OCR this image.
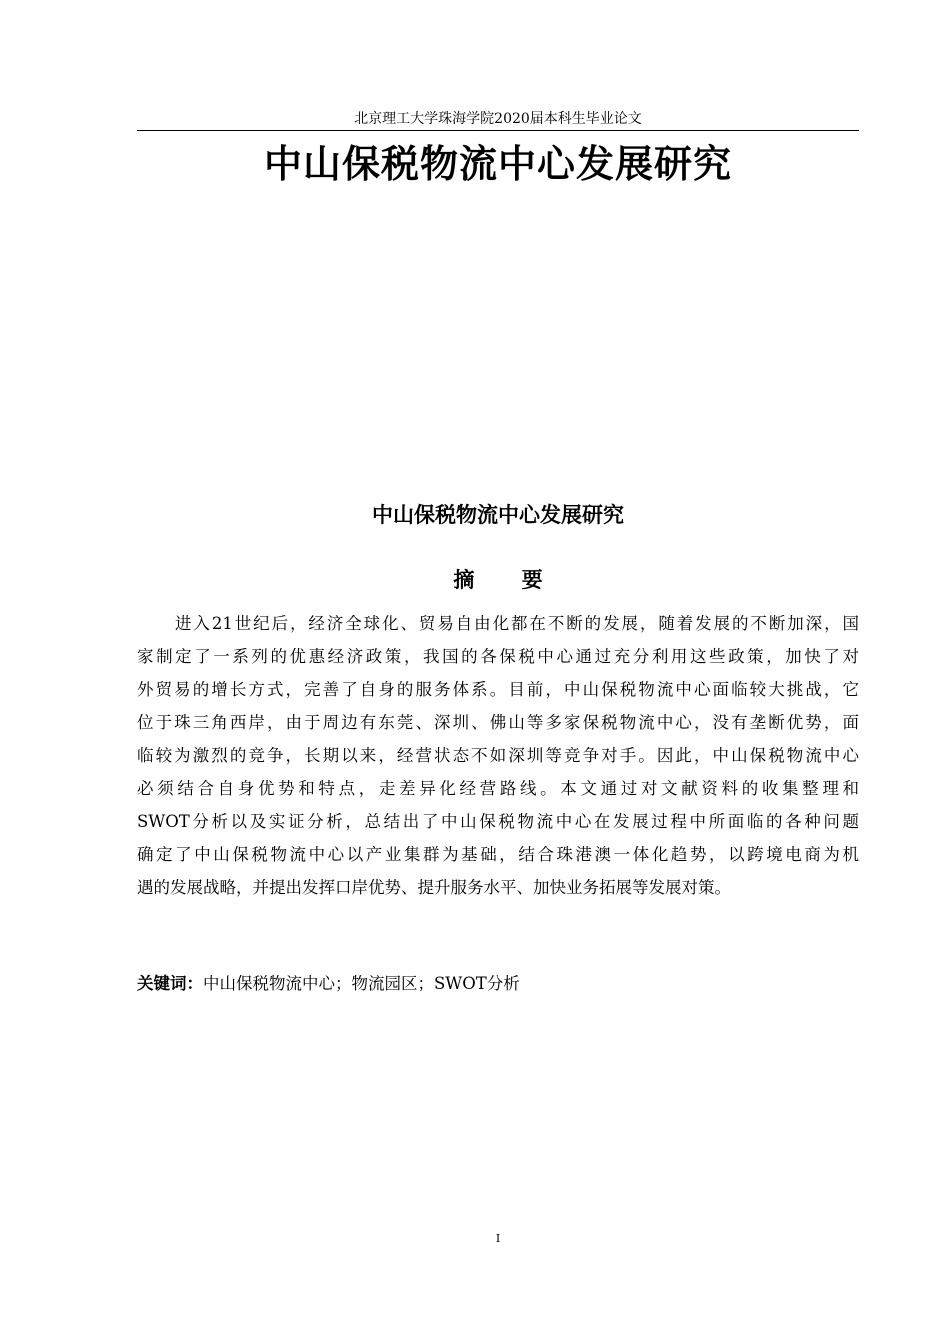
北京理工大学珠海学院2020届本科生毕业论文
中山保税物流中心发展研究
中山保税物流中心发展研究
摘 要
进入21世纪后，经济全球化、贸易自由化都在不断的发展，随着发展的不断加深，国
家制定了一系列的优惠经济政策，我国的各保税中心通过充分利用这些政策，加快了对
外贸易的增长方式，完善了自身的服务体系。目前，中山保税物流中心面临较大挑战，它
位于珠三角西岸，由于周边有东莞、深圳、佛山等多家保税物流中心，没有垄断优势，面
临较为激烈的竞争，长期以来，经营状态不如深圳等竞争对手。因此，中山保税物流中心
必须结合自身优势和特点，走差异化经营路线。本文通过对文献资料的收集整理和
SWOT分析以及实证分析，总结出了中山保税物流中心在发展过程中所面临的各种问题
确定了中山保税物流中心以产业集群为基础，结合珠港澳一体化趋势，以跨境电商为机
遇的发展战略，并提出发挥口岸优势、提升服务水平、加快业务拓展等发展对策。
关键词：中山保税物流中心；物流园区；SWOT分析
I
